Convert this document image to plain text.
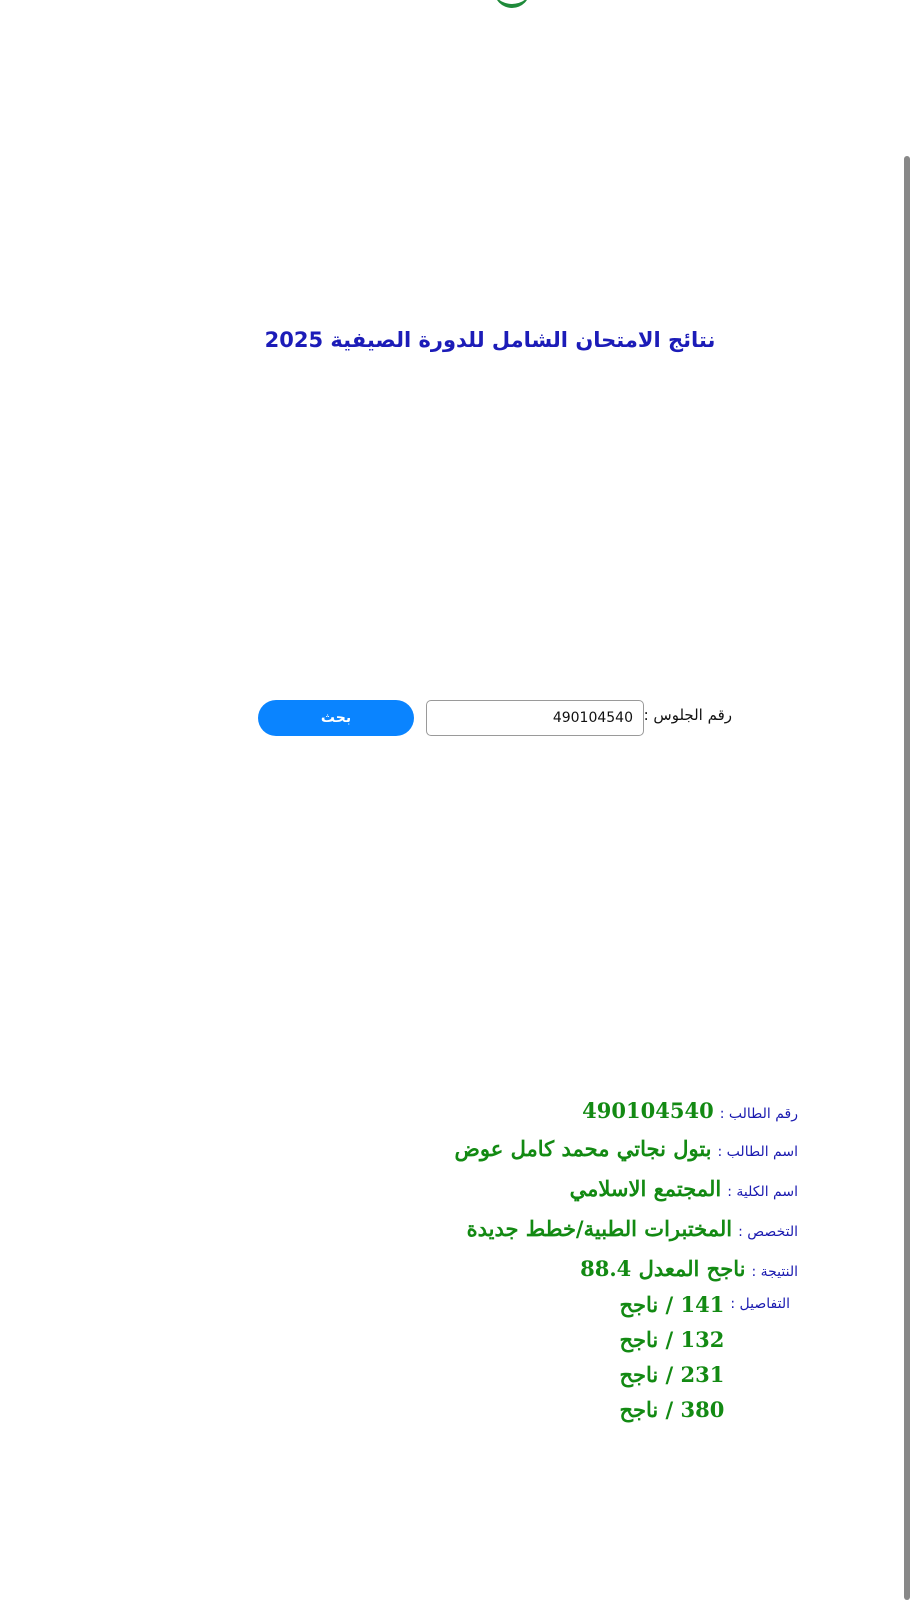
نتائج الامتحان الشامل للدورة الصيفية 2025
رقم الجلوس :
490104540
بحث
رقم الطالب :
490104540
اسم الطالب :
بتول نجاتي محمد كامل عوض
اسم الكلية :
المجتمع الاسلامي
التخصص :
المختبرات الطبية/خطط جديدة
النتيجة :
ناجح المعدل 88.4
التفاصيل :
141 / ناجح
132 / ناجح
231 / ناجح
380 / ناجح
